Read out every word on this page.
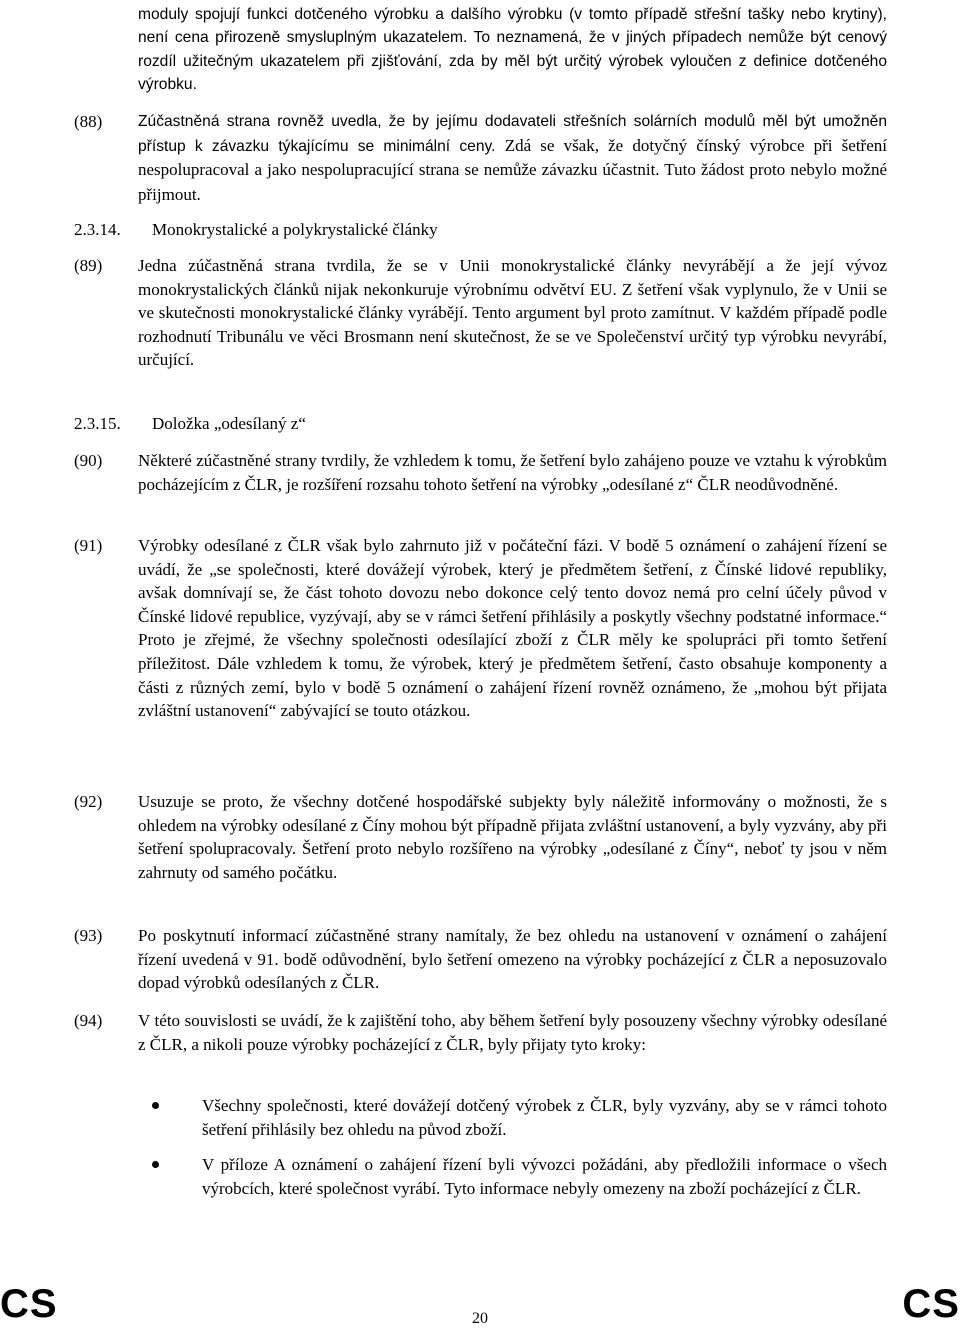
moduly spojují funkci dotčeného výrobku a dalšího výrobku (v tomto případě střešní tašky nebo krytiny), není cena přirozeně smysluplným ukazatelem. To neznamená, že v jiných případech nemůže být cenový rozdíl užitečným ukazatelem při zjišťování, zda by měl být určitý výrobek vyloučen z definice dotčeného výrobku.

(88)	Zúčastněná strana rovněž uvedla, že by jejímu dodavateli střešních solárních modulů měl být umožněn přístup k závazku týkajícímu se minimální ceny. Zdá se však, že dotyčný čínský výrobce při šetření nespolupracoval a jako nespolupracující strana se nemůže závazku účastnit. Tuto žádost proto nebylo možné přijmout.

2.3.14.	Monokrystalické a polykrystalické články
(89)	Jedna zúčastněná strana tvrdila, že se v Unii monokrystalické články nevyrábějí a že její vývoz monokrystalických článků nijak nekonkuruje výrobnímu odvětví EU. Z šetření však vyplynulo, že v Unii se ve skutečnosti monokrystalické články vyrábějí. Tento argument byl proto zamítnut. V každém případě podle rozhodnutí Tribunálu ve věci Brosmann není skutečnost, že se ve Společenství určitý typ výrobku nevyrábí, určující.

2.3.15.	Doložka „odesílaný z“
(90)	Některé zúčastněné strany tvrdily, že vzhledem k tomu, že šetření bylo zahájeno pouze ve vztahu k výrobkům pocházejícím z ČLR, je rozšíření rozsahu tohoto šetření na výrobky „odesílané z“ ČLR neodůvodněné.

(91)	Výrobky odesílané z ČLR však bylo zahrnuto již v počáteční fázi. V bodě 5 oznámení o zahájení řízení se uvádí, že „se společnosti, které dovážejí výrobek, který je předmětem šetření, z Čínské lidové republiky, avšak domnívají se, že část tohoto dovozu nebo dokonce celý tento dovoz nemá pro celní účely původ v Čínské lidové republice, vyzývají, aby se v rámci šetření přihlásily a poskytly všechny podstatné informace.“ Proto je zřejmé, že všechny společnosti odesílající zboží z ČLR měly ke spolupráci při tomto šetření příležitost. Dále vzhledem k tomu, že výrobek, který je předmětem šetření, často obsahuje komponenty a části z různých zemí, bylo v bodě 5 oznámení o zahájení řízení rovněž oznámeno, že „mohou být přijata zvláštní ustanovení“ zabývající se touto otázkou.

(92)	Usuzuje se proto, že všechny dotčené hospodářské subjekty byly náležitě informovány o možnosti, že s ohledem na výrobky odesílané z Číny mohou být případně přijata zvláštní ustanovení, a byly vyzvány, aby při šetření spolupracovaly. Šetření proto nebylo rozšířeno na výrobky „odesílané z Číny“, neboť ty jsou v něm zahrnuty od samého počátku.

(93)	Po poskytnutí informací zúčastněné strany namítaly, že bez ohledu na ustanovení v oznámení o zahájení řízení uvedená v 91. bodě odůvodnění, bylo šetření omezeno na výrobky pocházející z ČLR a neposuzovalo dopad výrobků odesílaných z ČLR.

(94)	V této souvislosti se uvádí, že k zajištění toho, aby během šetření byly posouzeny všechny výrobky odesílané z ČLR, a nikoli pouze výrobky pocházející z ČLR, byly přijaty tyto kroky:

Všechny společnosti, které dovážejí dotčený výrobek z ČLR, byly vyzvány, aby se v rámci tohoto šetření přihlásily bez ohledu na původ zboží.

V příloze A oznámení o zahájení řízení byli vývozci požádáni, aby předložili informace o všech výrobcích, které společnost vyrábí. Tyto informace nebyly omezeny na zboží pocházející z ČLR.

CS	20	CS
